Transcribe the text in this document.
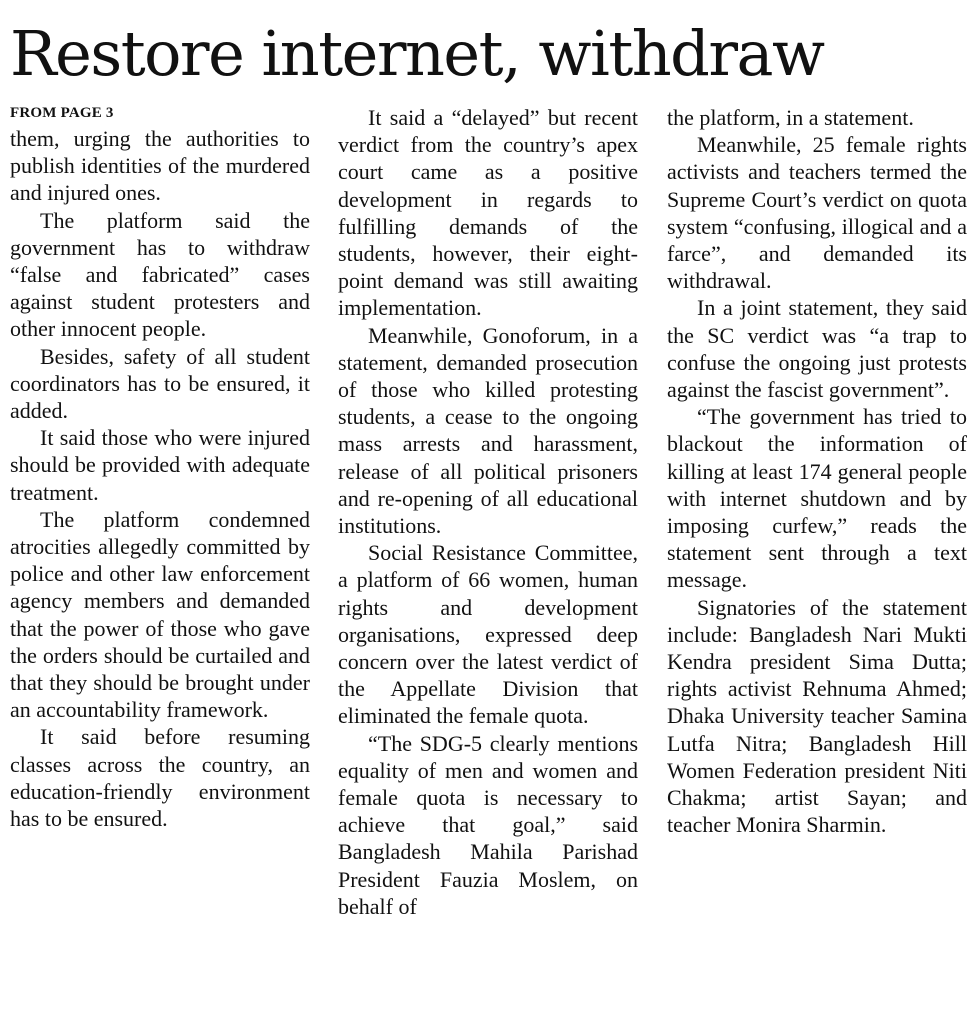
Restore internet, withdraw
FROM PAGE 3

them, urging the authorities to publish identities of the murdered and injured ones.

The platform said the government has to withdraw “false and fabricated” cases against student protesters and other innocent people.

Besides, safety of all student coordinators has to be ensured, it added.

It said those who were injured should be provided with adequate treatment.

The platform condemned atrocities allegedly committed by police and other law enforcement agency members and demanded that the power of those who gave the orders should be curtailed and that they should be brought under an accountability framework.

It said before resuming classes across the country, an education-friendly environment has to be ensured.

It said a “delayed” but recent verdict from the country’s apex court came as a positive development in regards to fulfilling demands of the students, however, their eight-point demand was still awaiting implementation.

Meanwhile, Gonoforum, in a statement, demanded prosecution of those who killed protesting students, a cease to the ongoing mass arrests and harassment, release of all political prisoners and re-opening of all educational institutions.

Social Resistance Committee, a platform of 66 women, human rights and development organisations, expressed deep concern over the latest verdict of the Appellate Division that eliminated the female quota.

“The SDG-5 clearly mentions equality of men and women and female quota is necessary to achieve that goal,” said Bangladesh Mahila Parishad President Fauzia Moslem, on behalf of

the platform, in a statement.

Meanwhile, 25 female rights activists and teachers termed the Supreme Court’s verdict on quota system “confusing, illogical and a farce”, and demanded its withdrawal.

In a joint statement, they said the SC verdict was “a trap to confuse the ongoing just protests against the fascist government”.

“The government has tried to blackout the information of killing at least 174 general people with internet shutdown and by imposing curfew,” reads the statement sent through a text message.

Signatories of the statement include: Bangladesh Nari Mukti Kendra president Sima Dutta; rights activist Rehnuma Ahmed; Dhaka University teacher Samina Lutfa Nitra; Bangladesh Hill Women Federation president Niti Chakma; artist Sayan; and teacher Monira Sharmin.
